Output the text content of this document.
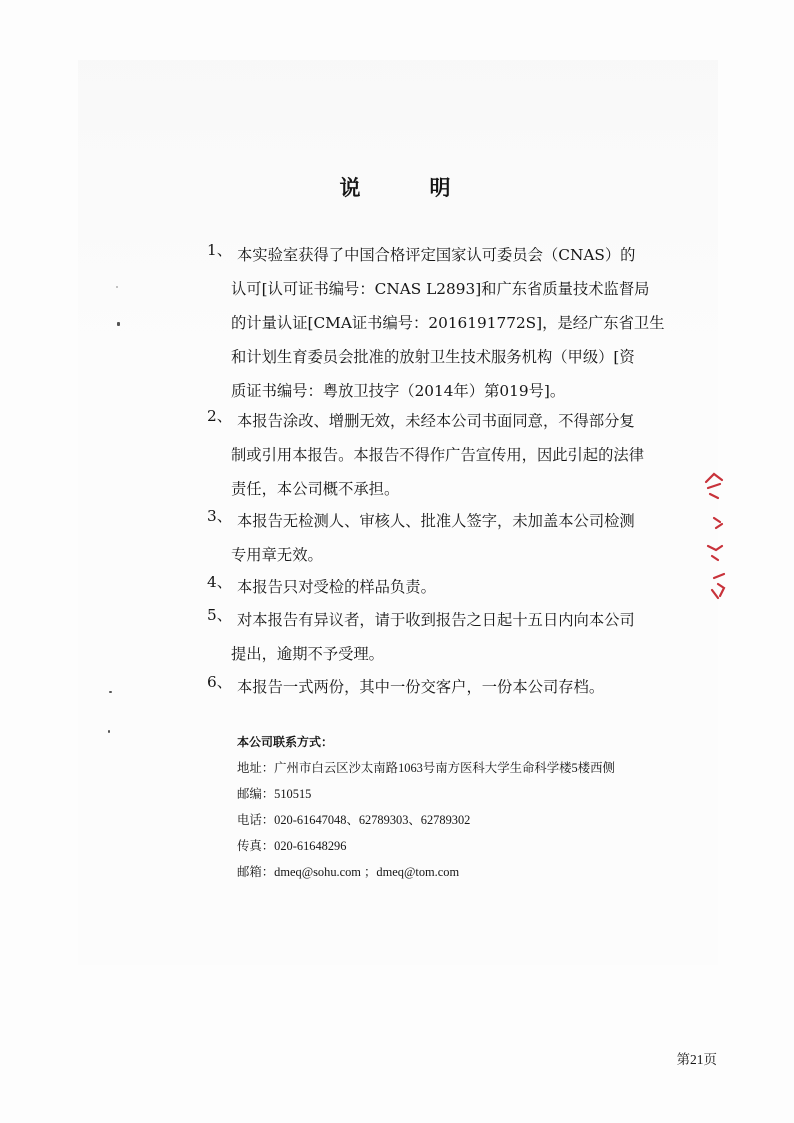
说　明
1、 本实验室获得了中国合格评定国家认可委员会（CNAS）的
认可[认可证书编号：CNAS L2893]和广东省质量技术监督局
的计量认证[CMA证书编号：2016191772S]，是经广东省卫生
和计划生育委员会批准的放射卫生技术服务机构（甲级）[资
质证书编号：粤放卫技字（2014年）第019号]。
2、 本报告涂改、增删无效，未经本公司书面同意，不得部分复
制或引用本报告。本报告不得作广告宣传用，因此引起的法律
责任，本公司概不承担。
3、 本报告无检测人、审核人、批准人签字，未加盖本公司检测
专用章无效。
4、 本报告只对受检的样品负责。
5、 对本报告有异议者，请于收到报告之日起十五日内向本公司
提出，逾期不予受理。
6、 本报告一式两份，其中一份交客户，一份本公司存档。
本公司联系方式：
地址：广州市白云区沙太南路1063号南方医科大学生命科学楼5楼西侧
邮编：510515
电话：020-61647048、62789303、62789302
传真：020-61648296
邮箱：dmeq@sohu.com ；dmeq@tom.com
第21页
